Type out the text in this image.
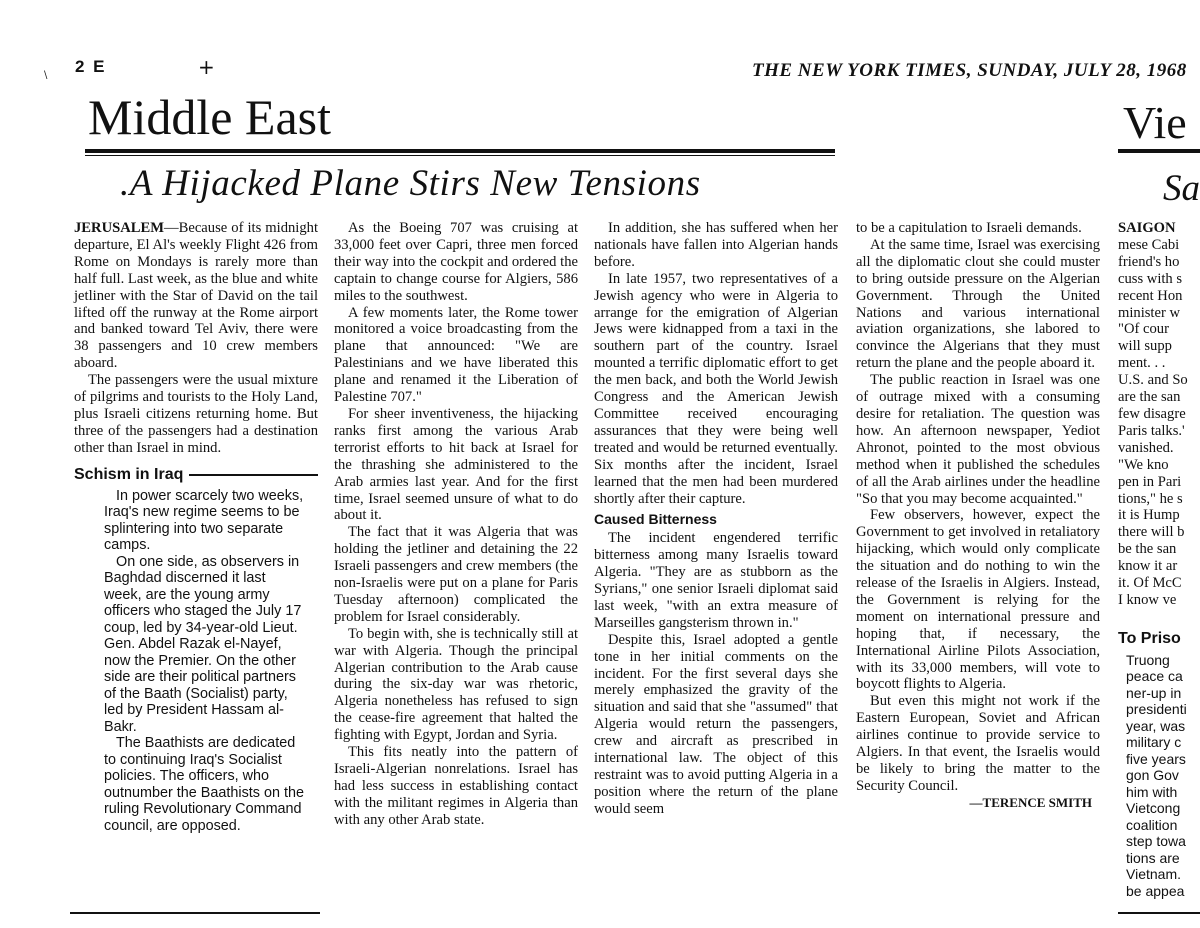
\ 2 E	+	THE NEW YORK TIMES, SUNDAY, JULY 28, 1968
Middle East	Vie
.A Hijacked Plane Stirs New Tensions	Sa

JERUSALEM—Because of its midnight departure, El Al's weekly Flight 426 from Rome on Mondays is rarely more than half full. Last week, as the blue and white jetliner with the Star of David on the tail lifted off the runway at the Rome airport and banked toward Tel Aviv, there were 38 passengers and 10 crew members aboard.

The passengers were the usual mixture of pilgrims and tourists to the Holy Land, plus Israeli citizens returning home. But three of the passengers had a destination other than Israel in mind.

Schism in Iraq

In power scarcely two weeks, Iraq's new regime seems to be splintering into two separate camps.

On one side, as observers in Baghdad discerned it last week, are the young army officers who staged the July 17 coup, led by 34-year-old Lieut. Gen. Abdel Razak el-Nayef, now the Premier. On the other side are their political partners of the Baath (Socialist) party, led by President Hassam al-Bakr.

The Baathists are dedicated to continuing Iraq's Socialist policies. The officers, who outnumber the Baathists on the ruling Revolutionary Command council, are opposed.

As the Boeing 707 was cruising at 33,000 feet over Capri, three men forced their way into the cockpit and ordered the captain to change course for Algiers, 586 miles to the southwest.

A few moments later, the Rome tower monitored a voice broadcasting from the plane that announced: "We are Palestinians and we have liberated this plane and renamed it the Liberation of Palestine 707."

For sheer inventiveness, the hijacking ranks first among the various Arab terrorist efforts to hit back at Israel for the thrashing she administered to the Arab armies last year. And for the first time, Israel seemed unsure of what to do about it.

The fact that it was Algeria that was holding the jetliner and detaining the 22 Israeli passengers and crew members (the non-Israelis were put on a plane for Paris Tuesday afternoon) complicated the problem for Israel considerably.

To begin with, she is technically still at war with Algeria. Though the principal Algerian contribution to the Arab cause during the six-day war was rhetoric, Algeria nonetheless has refused to sign the cease-fire agreement that halted the fighting with Egypt, Jordan and Syria.

This fits neatly into the pattern of Israeli-Algerian nonrelations. Israel has had less success in establishing contact with the militant regimes in Algeria than with any other Arab state.

In addition, she has suffered when her nationals have fallen into Algerian hands before.

In late 1957, two representatives of a Jewish agency who were in Algeria to arrange for the emigration of Algerian Jews were kidnapped from a taxi in the southern part of the country. Israel mounted a terrific diplomatic effort to get the men back, and both the World Jewish Congress and the American Jewish Committee received encouraging assurances that they were being well treated and would be returned eventually. Six months after the incident, Israel learned that the men had been murdered shortly after their capture.

Caused Bitterness

The incident engendered terrific bitterness among many Israelis toward Algeria. "They are as stubborn as the Syrians," one senior Israeli diplomat said last week, "with an extra measure of Marseilles gangsterism thrown in."

Despite this, Israel adopted a gentle tone in her initial comments on the incident. For the first several days she merely emphasized the gravity of the situation and said that she "assumed" that Algeria would return the passengers, crew and aircraft as prescribed in international law. The object of this restraint was to avoid putting Algeria in a position where the return of the plane would seem

to be a capitulation to Israeli demands.

At the same time, Israel was exercising all the diplomatic clout she could muster to bring outside pressure on the Algerian Government. Through the United Nations and various international aviation organizations, she labored to convince the Algerians that they must return the plane and the people aboard it.

The public reaction in Israel was one of outrage mixed with a consuming desire for retaliation. The question was how. An afternoon newspaper, Yediot Ahronot, pointed to the most obvious method when it published the schedules of all the Arab airlines under the headline "So that you may become acquainted."

Few observers, however, expect the Government to get involved in retaliatory hijacking, which would only complicate the situation and do nothing to win the release of the Israelis in Algiers. Instead, the Government is relying for the moment on international pressure and hoping that, if necessary, the International Airline Pilots Association, with its 33,000 members, will vote to boycott flights to Algeria.

But even this might not work if the Eastern European, Soviet and African airlines continue to provide service to Algiers. In that event, the Israelis would be likely to bring the matter to the Security Council.

—TERENCE SMITH

SAIGON

mese Cabi

friend's ho

cuss with s

recent Hon

minister w

"Of cour

will supp

ment. . .

U.S. and So

are the san

few disagre

Paris talks.'

vanished.

"We kno

pen in Pari

tions," he s

it is Hump

there will b

be the san

know it ar

it. Of McC

I know ve

To Priso

Truong

peace ca

ner-up in

presidenti

year, was

military c

five years

gon Gov

him with

Vietcong

coalition

step towa

tions are

Vietnam.

be appea
